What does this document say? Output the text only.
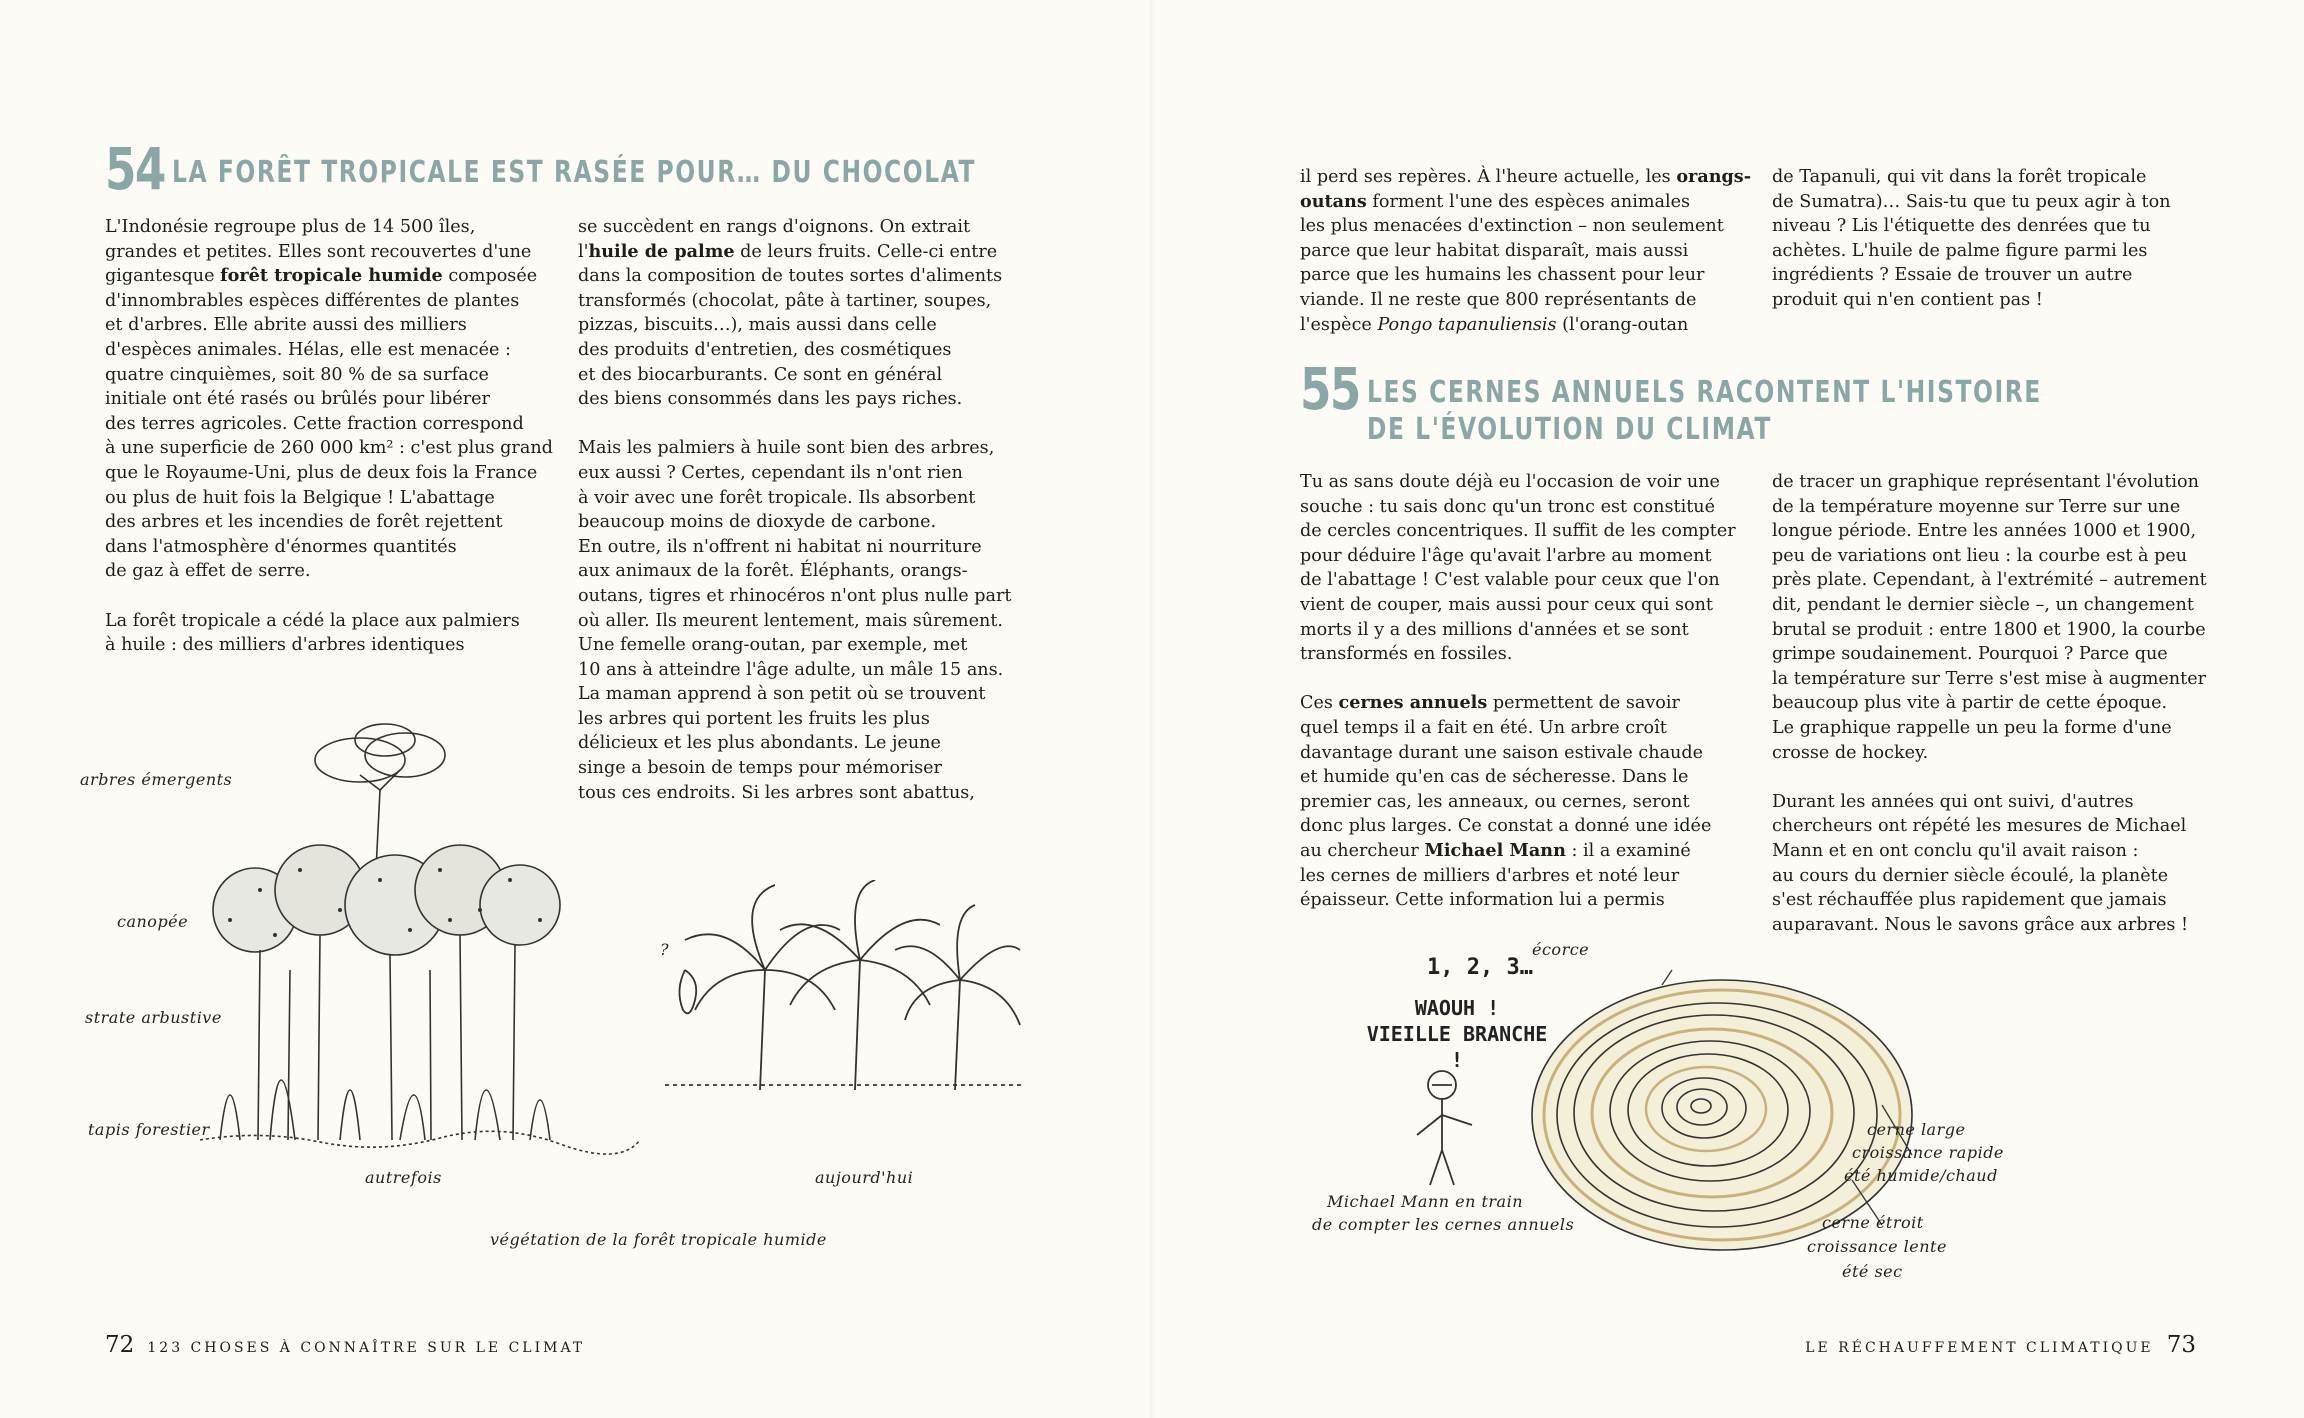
54 LA FORÊT TROPICALE EST RASÉE POUR… DU CHOCOLAT

L'Indonésie regroupe plus de 14 500 îles,
grandes et petites. Elles sont recouvertes d'une
gigantesque forêt tropicale humide composée
d'innombrables espèces différentes de plantes
et d'arbres. Elle abrite aussi des milliers
d'espèces animales. Hélas, elle est menacée :
quatre cinquièmes, soit 80 % de sa surface
initiale ont été rasés ou brûlés pour libérer
des terres agricoles. Cette fraction correspond
à une superficie de 260 000 km² : c'est plus grand
que le Royaume-Uni, plus de deux fois la France
ou plus de huit fois la Belgique ! L'abattage
des arbres et les incendies de forêt rejettent
dans l'atmosphère d'énormes quantités
de gaz à effet de serre.

La forêt tropicale a cédé la place aux palmiers
à huile : des milliers d'arbres identiques

se succèdent en rangs d'oignons. On extrait
l'huile de palme de leurs fruits. Celle-ci entre
dans la composition de toutes sortes d'aliments
transformés (chocolat, pâte à tartiner, soupes,
pizzas, biscuits…), mais aussi dans celle
des produits d'entretien, des cosmétiques
et des biocarburants. Ce sont en général
des biens consommés dans les pays riches.

Mais les palmiers à huile sont bien des arbres,
eux aussi ? Certes, cependant ils n'ont rien
à voir avec une forêt tropicale. Ils absorbent
beaucoup moins de dioxyde de carbone.
En outre, ils n'offrent ni habitat ni nourriture
aux animaux de la forêt. Éléphants, orangs-
outans, tigres et rhinocéros n'ont plus nulle part
où aller. Ils meurent lentement, mais sûrement.
Une femelle orang-outan, par exemple, met
10 ans à atteindre l'âge adulte, un mâle 15 ans.
La maman apprend à son petit où se trouvent
les arbres qui portent les fruits les plus
délicieux et les plus abondants. Le jeune
singe a besoin de temps pour mémoriser
tous ces endroits. Si les arbres sont abattus,

arbres émergents
canopée
strate arbustive
tapis forestier
autrefois	aujourd'hui
?
végétation de la forêt tropicale humide
72 123 CHOSES À CONNAÎTRE SUR LE CLIMAT

il perd ses repères. À l'heure actuelle, les orangs-
outans forment l'une des espèces animales
les plus menacées d'extinction – non seulement
parce que leur habitat disparaît, mais aussi
parce que les humains les chassent pour leur
viande. Il ne reste que 800 représentants de
l'espèce Pongo tapanuliensis (l'orang-outan

de Tapanuli, qui vit dans la forêt tropicale
de Sumatra)… Sais-tu que tu peux agir à ton
niveau ? Lis l'étiquette des denrées que tu
achètes. L'huile de palme figure parmi les
ingrédients ? Essaie de trouver un autre
produit qui n'en contient pas !

55 LES CERNES ANNUELS RACONTENT L'HISTOIRE
DE L'ÉVOLUTION DU CLIMAT

Tu as sans doute déjà eu l'occasion de voir une
souche : tu sais donc qu'un tronc est constitué
de cercles concentriques. Il suffit de les compter
pour déduire l'âge qu'avait l'arbre au moment
de l'abattage ! C'est valable pour ceux que l'on
vient de couper, mais aussi pour ceux qui sont
morts il y a des millions d'années et se sont
transformés en fossiles.

Ces cernes annuels permettent de savoir
quel temps il a fait en été. Un arbre croît
davantage durant une saison estivale chaude
et humide qu'en cas de sécheresse. Dans le
premier cas, les anneaux, ou cernes, seront
donc plus larges. Ce constat a donné une idée
au chercheur Michael Mann : il a examiné
les cernes de milliers d'arbres et noté leur
épaisseur. Cette information lui a permis

de tracer un graphique représentant l'évolution
de la température moyenne sur Terre sur une
longue période. Entre les années 1000 et 1900,
peu de variations ont lieu : la courbe est à peu
près plate. Cependant, à l'extrémité – autrement
dit, pendant le dernier siècle –, un changement
brutal se produit : entre 1800 et 1900, la courbe
grimpe soudainement. Pourquoi ? Parce que
la température sur Terre s'est mise à augmenter
beaucoup plus vite à partir de cette époque.
Le graphique rappelle un peu la forme d'une
crosse de hockey.

Durant les années qui ont suivi, d'autres
chercheurs ont répété les mesures de Michael
Mann et en ont conclu qu'il avait raison :
au cours du dernier siècle écoulé, la planète
s'est réchauffée plus rapidement que jamais
auparavant. Nous le savons grâce aux arbres !

1, 2, 3…
WAOUH !
VIEILLE BRANCHE !
écorce
Michael Mann en train
de compter les cernes annuels
cerne large
croissance rapide
été humide/chaud
cerne étroit
croissance lente
été sec
LE RÉCHAUFFEMENT CLIMATIQUE 73
